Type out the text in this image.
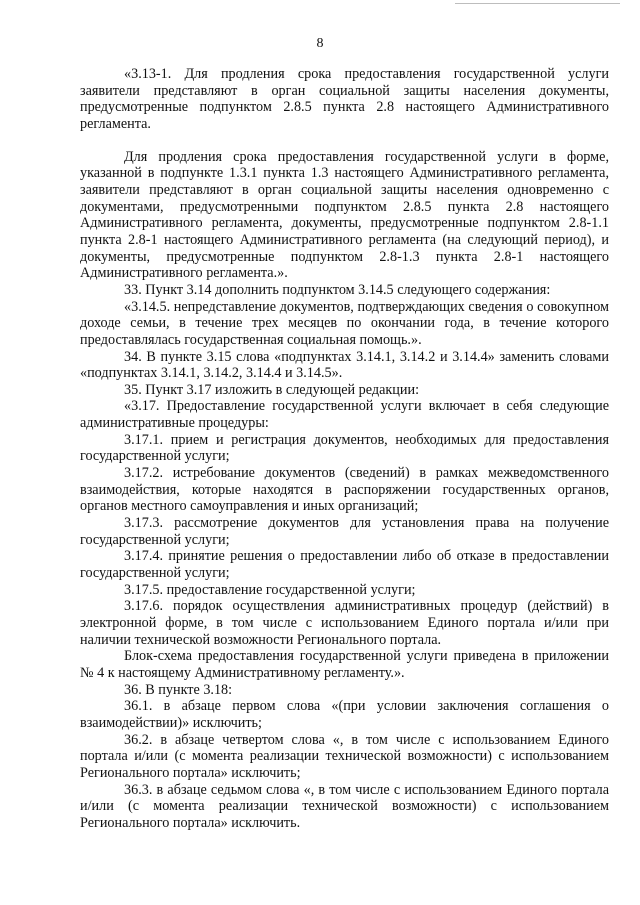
8

«3.13-1. Для продления срока предоставления государственной услуги заявители представляют в орган социальной защиты населения документы, предусмотренные подпунктом 2.8.5 пункта 2.8 настоящего Административного регламента.

Для продления срока предоставления государственной услуги в форме, указанной в подпункте 1.3.1 пункта 1.3 настоящего Административного регламента, заявители представляют в орган социальной защиты населения одновременно с документами, предусмотренными подпунктом 2.8.5 пункта 2.8 настоящего Административного регламента, документы, предусмотренные подпунктом 2.8-1.1 пункта 2.8-1 настоящего Административного регламента (на следующий период), и документы, предусмотренные подпунктом 2.8-1.3 пункта 2.8-1 настоящего Административного регламента.».

33. Пункт 3.14 дополнить подпунктом 3.14.5 следующего содержания:

«3.14.5. непредставление документов, подтверждающих сведения о совокупном доходе семьи, в течение трех месяцев по окончании года, в течение которого предоставлялась государственная социальная помощь.».

34. В пункте 3.15 слова «подпунктах 3.14.1, 3.14.2 и 3.14.4» заменить словами «подпунктах 3.14.1, 3.14.2, 3.14.4 и 3.14.5».

35. Пункт 3.17 изложить в следующей редакции:

«3.17. Предоставление государственной услуги включает в себя следующие административные процедуры:

3.17.1. прием и регистрация документов, необходимых для предоставления государственной услуги;

3.17.2. истребование документов (сведений) в рамках межведомственного взаимодействия, которые находятся в распоряжении государственных органов, органов местного самоуправления и иных организаций;

3.17.3. рассмотрение документов для установления права на получение государственной услуги;

3.17.4. принятие решения о предоставлении либо об отказе в предоставлении государственной услуги;

3.17.5. предоставление государственной услуги;

3.17.6. порядок осуществления административных процедур (действий) в электронной форме, в том числе с использованием Единого портала и/или при наличии технической возможности Регионального портала.

Блок-схема предоставления государственной услуги приведена в приложении № 4 к настоящему Административному регламенту.».

36. В пункте 3.18:

36.1. в абзаце первом слова «(при условии заключения соглашения о взаимодействии)» исключить;

36.2. в абзаце четвертом слова «, в том числе с использованием Единого портала и/или (с момента реализации технической возможности) с использованием Регионального портала» исключить;

36.3. в абзаце седьмом слова «, в том числе с использованием Единого портала и/или (с момента реализации технической возможности) с использованием Регионального портала» исключить.
